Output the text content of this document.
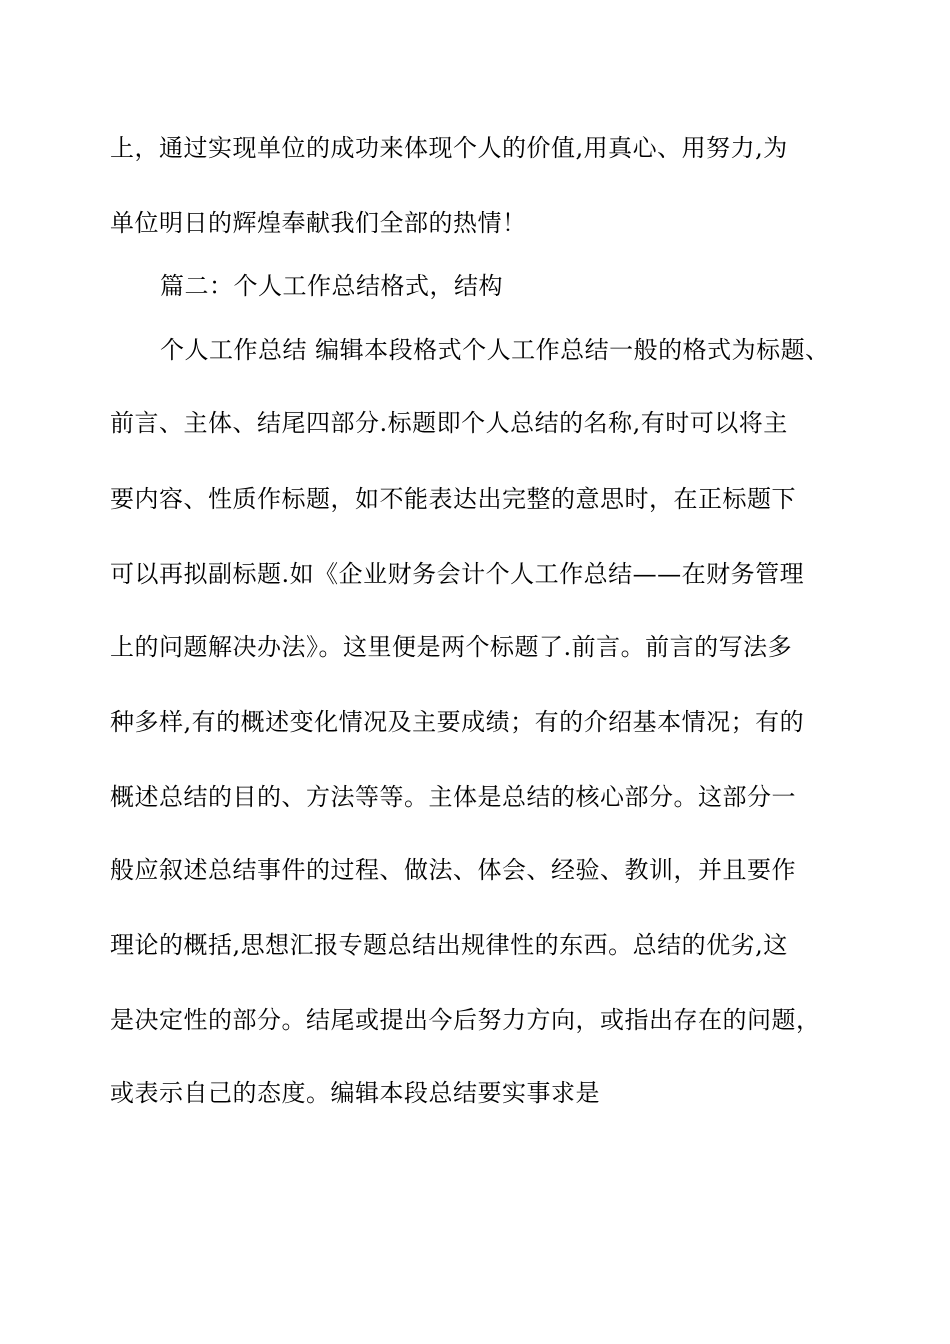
上，通过实现单位的成功来体现个人的价值,用真心、用努力,为
单位明日的辉煌奉献我们全部的热情！
篇二：个人工作总结格式，结构
个人工作总结 编辑本段格式个人工作总结一般的格式为标题、
前言、主体、结尾四部分.标题即个人总结的名称,有时可以将主
要内容、性质作标题，如不能表达出完整的意思时，在正标题下
可以再拟副标题.如《企业财务会计个人工作总结——在财务管理
上的问题解决办法》。这里便是两个标题了.前言。前言的写法多
种多样,有的概述变化情况及主要成绩；有的介绍基本情况；有的
概述总结的目的、方法等等。主体是总结的核心部分。这部分一
般应叙述总结事件的过程、做法、体会、经验、教训，并且要作
理论的概括,思想汇报专题总结出规律性的东西。总结的优劣,这
是决定性的部分。结尾或提出今后努力方向，或指出存在的问题，
或表示自己的态度。编辑本段总结要实事求是
